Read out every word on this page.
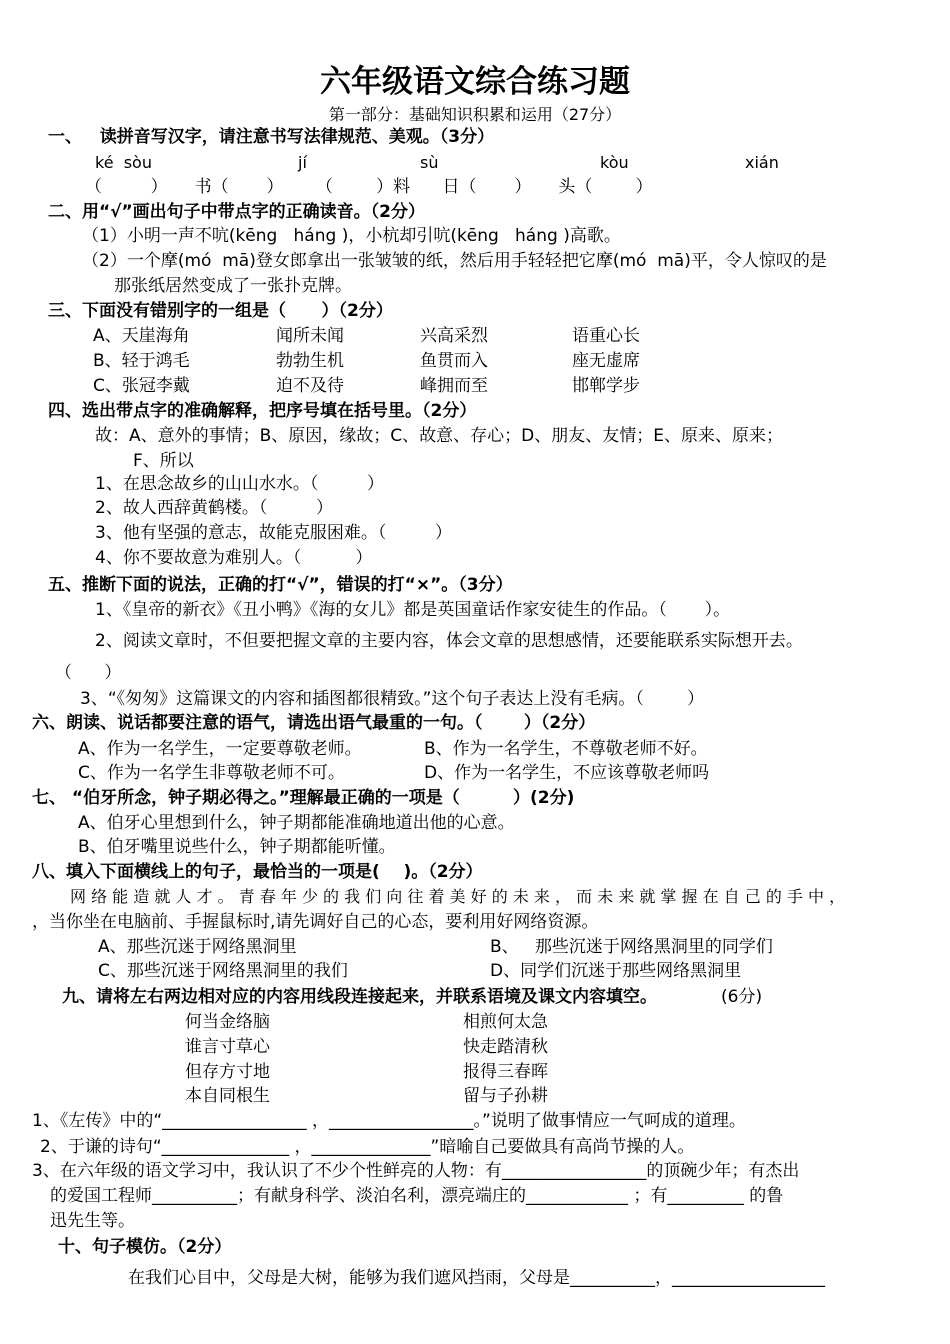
六年级语文综合练习题
第一部分：基础知识积累和运用（27分）
一、   读拼音写汉字，请注意书写法律规范、美观。（3分）
ké  sòu	jí	sù	kòu	xián
（         ）     书（       ）      （        ）料      日（       ）     头（        ）
二、用“√”画出句子中带点字的正确读音。（2分）
（1）小明一声不吭(kēng   háng )，小杭却引吭(kēng   háng )高歌。
（2）一个摩(mó  mā)登女郎拿出一张皱皱的纸，然后用手轻轻把它摩(mó  mā)平，令人惊叹的是
那张纸居然变成了一张扑克牌。
三、下面没有错别字的一组是（      ）（2分）
A、天崖海角	闻所未闻	兴高采烈	语重心长
B、轻于鸿毛	勃勃生机	鱼贯而入	座无虚席
C、张冠李戴	迫不及待	峰拥而至	邯郸学步
四、选出带点字的准确解释，把序号填在括号里。（2分）
故：A、意外的事情；B、原因，缘故；C、故意、存心；D、朋友、友情；E、原来、原来；
F、所以
1、在思念故乡的山山水水。（         ）
2、故人西辞黄鹤楼。（         ）
3、他有坚强的意志，故能克服困难。（         ）
4、你不要故意为难别人。（          ）
五、推断下面的说法，正确的打“√”，错误的打“×”。（3分）
1、《皇帝的新衣》《丑小鸭》《海的女儿》都是英国童话作家安徒生的作品。（       ）。
2、阅读文章时，不但要把握文章的主要内容，体会文章的思想感情，还要能联系实际想开去。
（      ）
3、“《匆匆》这篇课文的内容和插图都很精致。”这个句子表达上没有毛病。（        ）
六、朗读、说话都要注意的语气，请选出语气最重的一句。（       ）（2分）
A、作为一名学生，一定要尊敬老师。	B、作为一名学生，不尊敬老师不好。
C、作为一名学生非尊敬老师不可。	D、作为一名学生，不应该尊敬老师吗
七、 “伯牙所念，钟子期必得之。”理解最正确的一项是（         ）(2分)
A、伯牙心里想到什么，钟子期都能准确地道出他的心意。
B、伯牙嘴里说些什么，钟子期都能听懂。
八、填入下面横线上的句子，最恰当的一项是(    )。（2分）
网 络 能 造 就 人 才 。 青 春 年 少 的 我 们 向 往 着 美 好 的 未 来 ， 而 未 来 就 掌 握 在 自 己 的 手 中 ，
，当你坐在电脑前、手握鼠标时,请先调好自己的心态，要利用好网络资源。
A、那些沉迷于网络黑洞里	B、   那些沉迷于网络黑洞里的同学们
C、那些沉迷于网络黑洞里的我们	D、同学们沉迷于那些网络黑洞里
九、请将左右两边相对应的内容用线段连接起来，并联系语境及课文内容填空。	(6分)
何当金络脑
谁言寸草心
但存方寸地
本自同根生
相煎何太急
快走踏清秋
报得三春晖
留与子孙耕
1、《左传》中的“_________________ ，_________________。”说明了做事情应一气呵成的道理。
2、于谦的诗句“_______________ ，______________”暗喻自己要做具有高尚节操的人。
3、在六年级的语文学习中，我认识了不少个性鲜亮的人物：有_________________的顶碗少年；有杰出
的爱国工程师__________；有献身科学、淡泊名利，漂亮端庄的____________ ；有_________ 的鲁
迅先生等。
十、句子模仿。（2分）
在我们心目中，父母是大树，能够为我们遮风挡雨，父母是__________，__________________
